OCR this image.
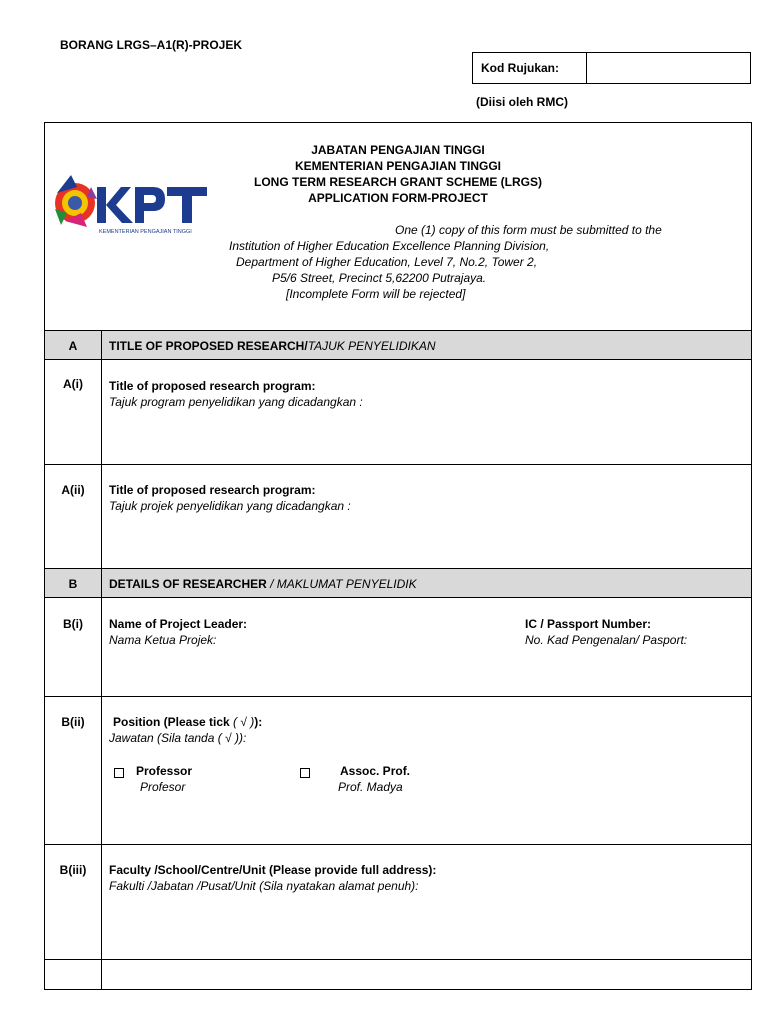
BORANG LRGS–A1(R)-PROJEK
Kod Rujukan:
(Diisi oleh RMC)
JABATAN PENGAJIAN TINGGI
KEMENTERIAN PENGAJIAN TINGGI
LONG TERM RESEARCH GRANT SCHEME (LRGS)
APPLICATION FORM-PROJECT
KEMENTERIAN PENGAJIAN TINGGI	One (1) copy of this form must be submitted to the
Institution of Higher Education Excellence Planning Division,
Department of Higher Education, Level 7, No.2, Tower 2,
P5/6 Street, Precinct 5,62200 Putrajaya.
[Incomplete Form will be rejected]
A	TITLE OF PROPOSED RESEARCH/TAJUK PENYELIDIKAN
A(i)	Title of proposed research program:
Tajuk program penyelidikan yang dicadangkan :
A(ii)	Title of proposed research program:
Tajuk projek penyelidikan yang dicadangkan :
B	DETAILS OF RESEARCHER / MAKLUMAT PENYELIDIK
B(i)	Name of Project Leader:
Nama Ketua Projek:
IC / Passport Number:
No. Kad Pengenalan/ Pasport:
B(ii)	Position (Please tick ( √ )):
Jawatan (Sila tanda ( √ )):
Professor
Profesor
Assoc. Prof.
Prof. Madya
B(iii)	Faculty /School/Centre/Unit (Please provide full address):
Fakulti /Jabatan /Pusat/Unit (Sila nyatakan alamat penuh):
